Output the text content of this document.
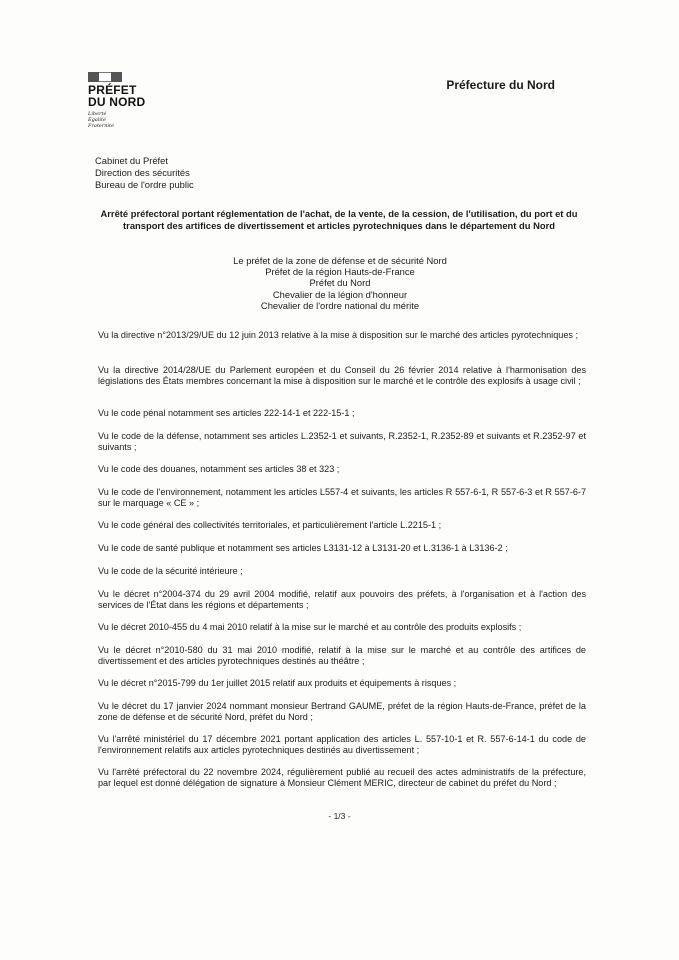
PRÉFET
DU NORD
Liberté
Égalité
Fraternité
Préfecture du Nord
Cabinet du Préfet
Direction des sécurités
Bureau de l'ordre public
Arrêté préfectoral portant réglementation de l'achat, de la vente, de la cession, de l'utilisation, du port et du transport des artifices de divertissement et articles pyrotechniques dans le département du Nord
Le préfet de la zone de défense et de sécurité Nord
Préfet de la région Hauts-de-France
Préfet du Nord
Chevalier de la légion d'honneur
Chevalier de l'ordre national du mérite
Vu la directive n°2013/29/UE du 12 juin 2013 relative à la mise à disposition sur le marché des articles pyrotechniques ;
Vu la directive 2014/28/UE du Parlement européen et du Conseil du 26 février 2014 relative à l'harmonisation des législations des États membres concernant la mise à disposition sur le marché et le contrôle des explosifs à usage civil ;
Vu le code pénal notamment ses articles 222-14-1 et 222-15-1 ;
Vu le code de la défense, notamment ses articles L.2352-1 et suivants, R.2352-1, R.2352-89 et suivants et R.2352-97 et suivants ;
Vu le code des douanes, notamment ses articles 38 et 323 ;
Vu le code de l'environnement, notamment les articles L557-4 et suivants, les articles R 557-6-1, R 557-6-3 et R 557-6-7 sur le marquage « CE » ;
Vu le code général des collectivités territoriales, et particulièrement l'article L.2215-1 ;
Vu le code de santé publique et notamment ses articles L3131-12 à L3131-20 et L.3136-1 à L3136-2 ;
Vu le code de la sécurité intérieure ;
Vu le décret n°2004-374 du 29 avril 2004 modifié, relatif aux pouvoirs des préfets, à l'organisation et à l'action des services de l'État dans les régions et départements ;
Vu le décret 2010-455 du 4 mai 2010 relatif à la mise sur le marché et au contrôle des produits explosifs ;
Vu le décret n°2010-580 du 31 mai 2010 modifié, relatif à la mise sur le marché et au contrôle des artifices de divertissement et des articles pyrotechniques destinés au théâtre ;
Vu le décret n°2015-799 du 1er juillet 2015 relatif aux produits et équipements à risques ;
Vu le décret du 17 janvier 2024 nommant monsieur Bertrand GAUME, préfet de la région Hauts-de-France, préfet de la zone de défense et de sécurité Nord, préfet du Nord ;
Vu l'arrêté ministériel du 17 décembre 2021 portant application des articles L. 557-10-1 et R. 557-6-14-1 du code de l'environnement relatifs aux articles pyrotechniques destinés au divertissement ;
Vu l'arrêté préfectoral du 22 novembre 2024, régulièrement publié au recueil des actes administratifs de la préfecture, par lequel est donné délégation de signature à Monsieur Clément MERIC, directeur de cabinet du préfet du Nord ;
- 1/3 -
